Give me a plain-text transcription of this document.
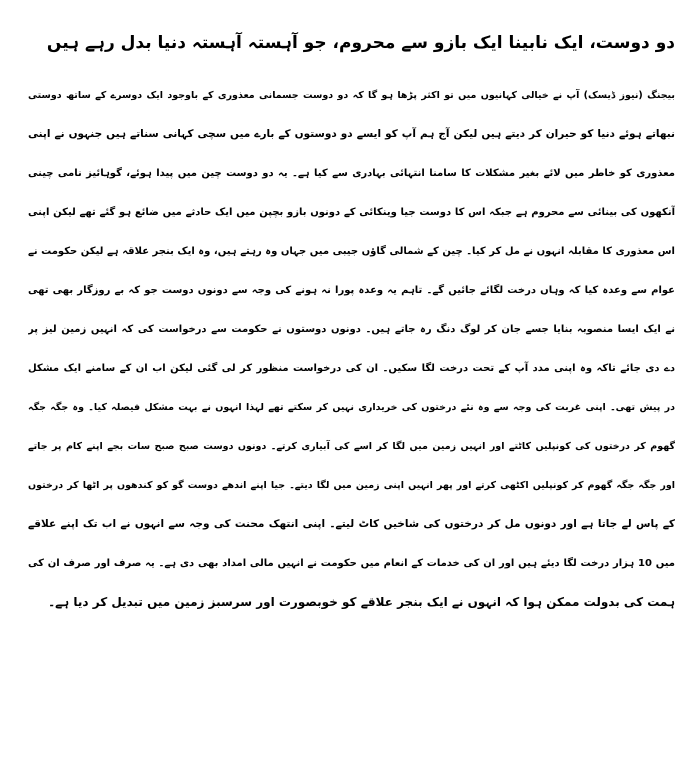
دو دوست، ایک نابینا ایک بازو سے محروم، جو آہستہ آہستہ دنیا بدل رہے ہیں
بیجنگ (نیوز ڈیسک) آپ نے خیالی کہانیوں میں تو اکثر پڑھا ہو گا کہ دو دوست جسمانی معذوری کے باوجود ایک دوسرے کے ساتھ دوستی
نبھاتے ہوئے دنیا کو حیران کر دیتے ہیں لیکن آج ہم آپ کو ایسے دو دوستوں کے بارے میں سچی کہانی سناتے ہیں جنہوں نے اپنی
معذوری کو خاطر میں لائے بغیر مشکلات کا سامنا انتہائی بہادری سے کیا ہے۔ یہ دو دوست چین میں پیدا ہوئے، گوہائیز نامی چینی
آنکھوں کی بینائی سے محروم ہے جبکہ اس کا دوست جیا وینکائی کے دونوں بازو بچپن میں ایک حادثے میں ضائع ہو گئے تھے لیکن اپنی
اس معذوری کا مقابلہ انہوں نے مل کر کیا۔ چین کے شمالی گاؤں جیبی میں جہاں وہ رہتے ہیں، وہ ایک بنجر علاقہ ہے لیکن حکومت نے
عوام سے وعدہ کیا کہ وہاں درخت لگائے جائیں گے۔ تاہم یہ وعدہ پورا نہ ہونے کی وجہ سے دونوں دوست جو کہ بے روزگار بھی تھی
نے ایک ایسا منصوبہ بنایا جسے جان کر لوگ دنگ رہ جاتے ہیں۔ دونوں دوستوں نے حکومت سے درخواست کی کہ انہیں زمین لیز پر
دے دی جائے تاکہ وہ اپنی مدد آپ کے تحت درخت لگا سکیں۔ ان کی درخواست منظور کر لی گئی لیکن اب ان کے سامنے ایک مشکل
در پیش تھی۔ اپنی غربت کی وجہ سے وہ نئے درختوں کی خریداری نہیں کر سکتے تھے لہذا انہوں نے بہت مشکل فیصلہ کیا۔ وہ جگہ جگہ
گھوم کر درختوں کی کونپلیں کاٹتے اور انہیں زمین میں لگا کر اسے کی آبیاری کرتے۔ دونوں دوست صبح صبح سات بجے اپنے کام پر جاتے
اور جگہ جگہ گھوم کر کونپلیں اکٹھی کرتے اور پھر انہیں اپنی زمین میں لگا دیتے۔ جیا اپنے اندھے دوست گو کو کندھوں پر اٹھا کر درختوں
کے پاس لے جاتا ہے اور دونوں مل کر درختوں کی شاخیں کاٹ لیتے۔ اپنی انتھک محنت کی وجہ سے انہوں نے اب تک اپنے علاقے
میں 10 ہزار درخت لگا دیئے ہیں اور ان کی خدمات کے انعام میں حکومت نے انہیں مالی امداد بھی دی ہے۔ یہ صرف اور صرف ان کی
ہمت کی بدولت ممکن ہوا کہ انہوں نے ایک بنجر علاقے کو خوبصورت اور سرسبز زمین میں تبدیل کر دیا ہے۔
